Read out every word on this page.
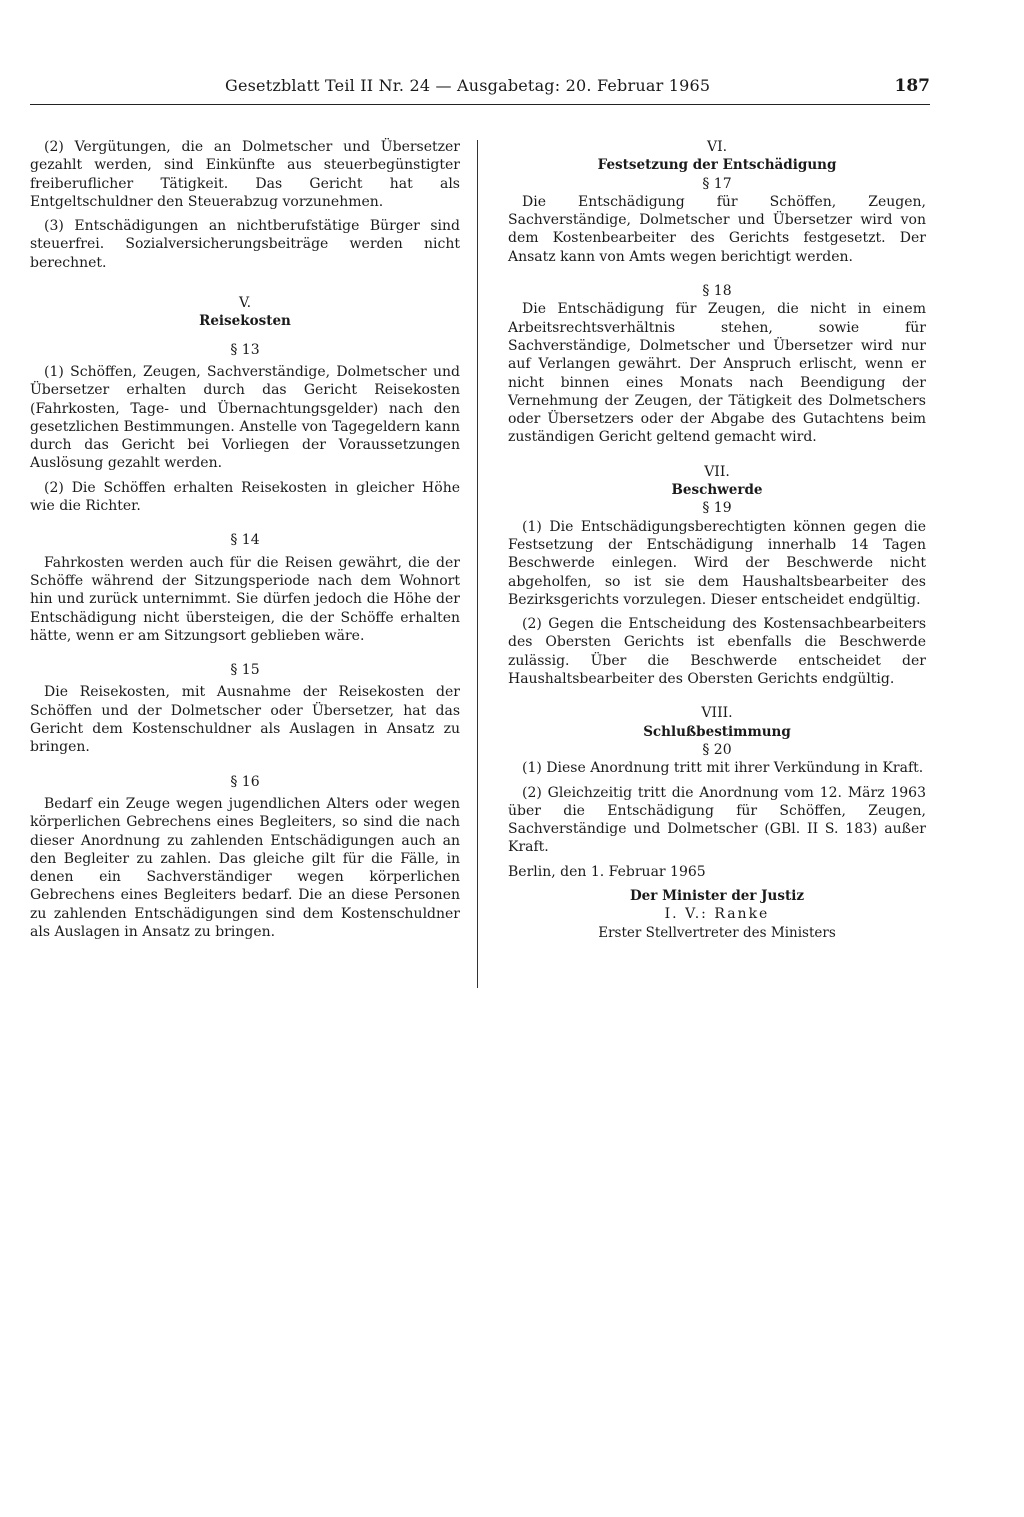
Gesetzblatt Teil II Nr. 24 — Ausgabetag: 20. Februar 1965	187

(2) Vergütungen, die an Dolmetscher und Übersetzer gezahlt werden, sind Einkünfte aus steuerbegünstigter freiberuflicher Tätigkeit. Das Gericht hat als Entgeltschuldner den Steuerabzug vorzunehmen.

(3) Entschädigungen an nichtberufstätige Bürger sind steuerfrei. Sozialversicherungsbeiträge werden nicht berechnet.

V.
Reisekosten
§ 13

(1) Schöffen, Zeugen, Sachverständige, Dolmetscher und Übersetzer erhalten durch das Gericht Reisekosten (Fahrkosten, Tage- und Übernachtungsgelder) nach den gesetzlichen Bestimmungen. Anstelle von Tagegeldern kann durch das Gericht bei Vorliegen der Voraussetzungen Auslösung gezahlt werden.

(2) Die Schöffen erhalten Reisekosten in gleicher Höhe wie die Richter.

§ 14

Fahrkosten werden auch für die Reisen gewährt, die der Schöffe während der Sitzungsperiode nach dem Wohnort hin und zurück unternimmt. Sie dürfen jedoch die Höhe der Entschädigung nicht übersteigen, die der Schöffe erhalten hätte, wenn er am Sitzungsort geblieben wäre.

§ 15

Die Reisekosten, mit Ausnahme der Reisekosten der Schöffen und der Dolmetscher oder Übersetzer, hat das Gericht dem Kostenschuldner als Auslagen in Ansatz zu bringen.

§ 16

Bedarf ein Zeuge wegen jugendlichen Alters oder wegen körperlichen Gebrechens eines Begleiters, so sind die nach dieser Anordnung zu zahlenden Entschädigungen auch an den Begleiter zu zahlen. Das gleiche gilt für die Fälle, in denen ein Sachverständiger wegen körperlichen Gebrechens eines Begleiters bedarf. Die an diese Personen zu zahlenden Entschädigungen sind dem Kostenschuldner als Auslagen in Ansatz zu bringen.

VI.
Festsetzung der Entschädigung
§ 17

Die Entschädigung für Schöffen, Zeugen, Sachverständige, Dolmetscher und Übersetzer wird von dem Kostenbearbeiter des Gerichts festgesetzt. Der Ansatz kann von Amts wegen berichtigt werden.

§ 18

Die Entschädigung für Zeugen, die nicht in einem Arbeitsrechtsverhältnis stehen, sowie für Sachverständige, Dolmetscher und Übersetzer wird nur auf Verlangen gewährt. Der Anspruch erlischt, wenn er nicht binnen eines Monats nach Beendigung der Vernehmung der Zeugen, der Tätigkeit des Dolmetschers oder Übersetzers oder der Abgabe des Gutachtens beim zuständigen Gericht geltend gemacht wird.

VII.
Beschwerde
§ 19

(1) Die Entschädigungsberechtigten können gegen die Festsetzung der Entschädigung innerhalb 14 Tagen Beschwerde einlegen. Wird der Beschwerde nicht abgeholfen, so ist sie dem Haushaltsbearbeiter des Bezirksgerichts vorzulegen. Dieser entscheidet endgültig.

(2) Gegen die Entscheidung des Kostensachbearbeiters des Obersten Gerichts ist ebenfalls die Beschwerde zulässig. Über die Beschwerde entscheidet der Haushaltsbearbeiter des Obersten Gerichts endgültig.

VIII.
Schlußbestimmung
§ 20

(1) Diese Anordnung tritt mit ihrer Verkündung in Kraft.

(2) Gleichzeitig tritt die Anordnung vom 12. März 1963 über die Entschädigung für Schöffen, Zeugen, Sachverständige und Dolmetscher (GBl. II S. 183) außer Kraft.

Berlin, den 1. Februar 1965

Der Minister der Justiz
I. V.: Ranke
Erster Stellvertreter des Ministers
